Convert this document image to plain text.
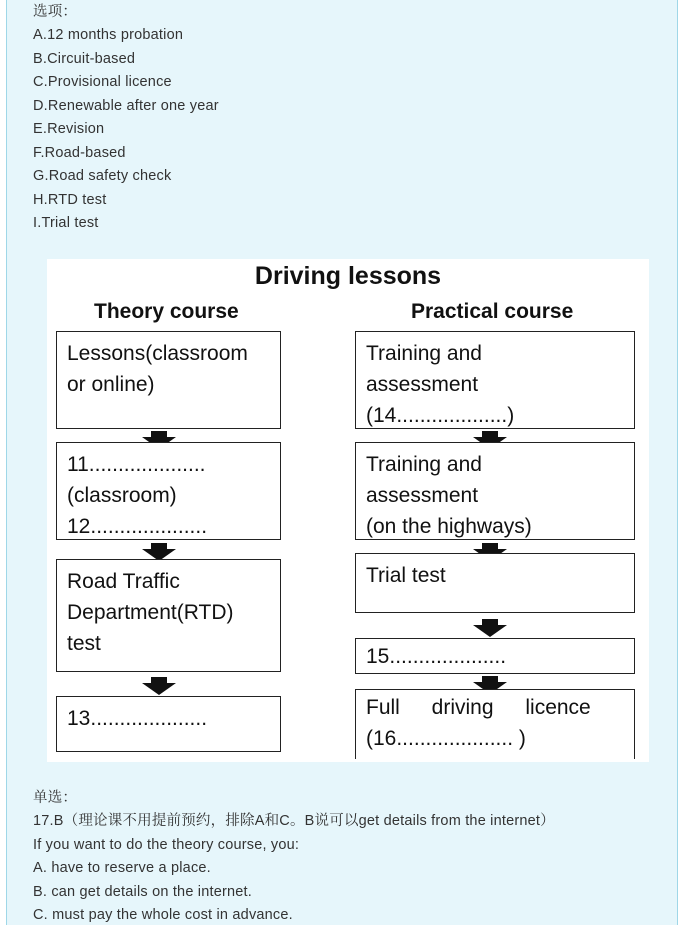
选项：
A.12 months probation
B.Circuit-based
C.Provisional licence
D.Renewable after one year
E.Revision
F.Road-based
G.Road safety check
H.RTD test
I.Trial test
Driving lessons
Theory course	Practical course
Lessons(classroom
or online)
11....................
(classroom)
12....................
Road Traffic
Department(RTD)
test
13....................
Training and
assessment
(14...................)
Training and
assessment
(on the highways)
Trial test
15....................
Full driving licence
(16.................... )
单选：
17.B（理论课不用提前预约，排除A和C。B说可以get details from the internet）
If you want to do the theory course, you:
A. have to reserve a place.
B. can get details on the internet.
C. must pay the whole cost in advance.
